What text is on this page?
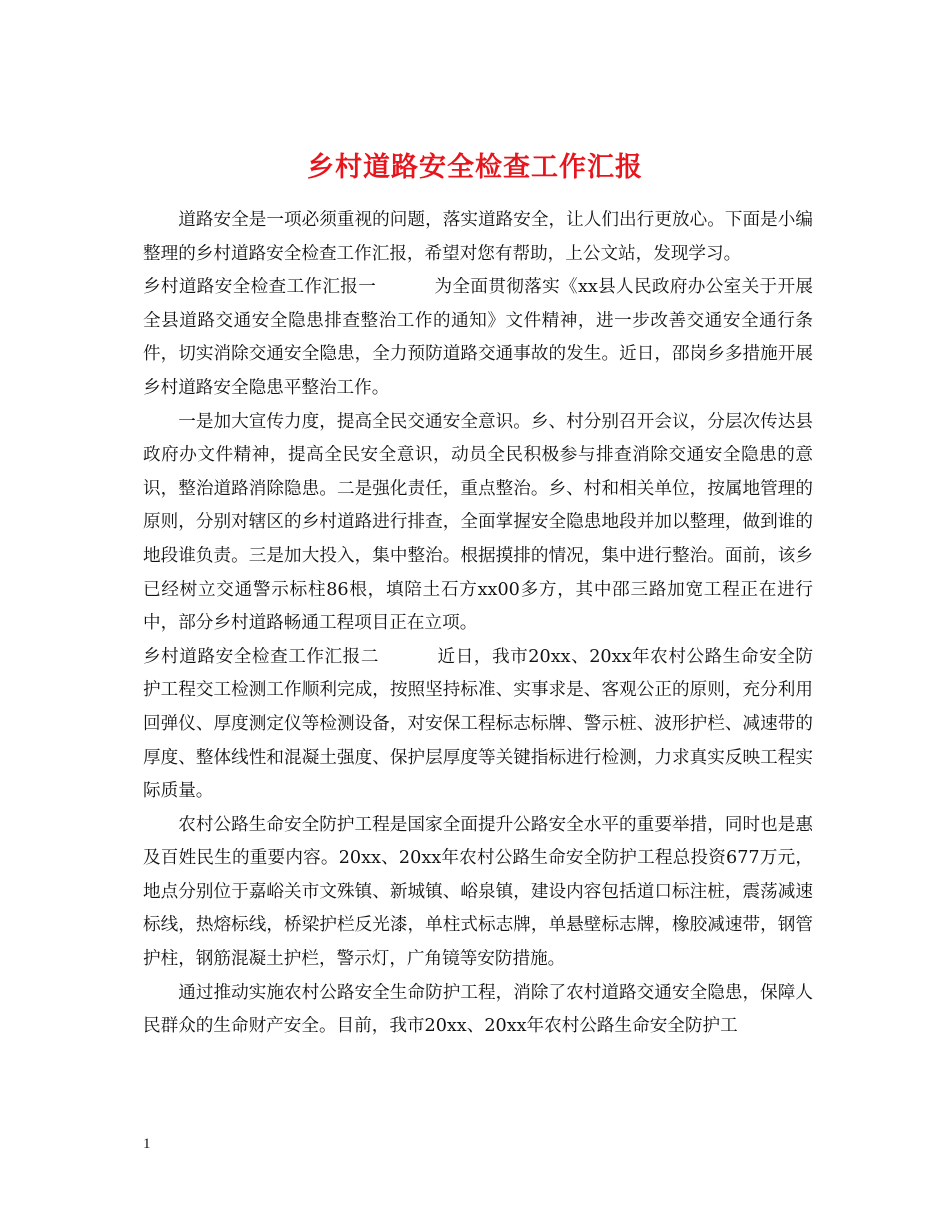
乡村道路安全检查工作汇报

道路安全是一项必须重视的问题，落实道路安全，让人们出行更放心。下面是小编整理的乡村道路安全检查工作汇报，希望对您有帮助，上公文站，发现学习。

乡村道路安全检查工作汇报一	为全面贯彻落实《xx县人民政府办公室关于开展全县道路交通安全隐患排查整治工作的通知》文件精神，进一步改善交通安全通行条件，切实消除交通安全隐患，全力预防道路交通事故的发生。近日，邵岗乡多措施开展乡村道路安全隐患平整治工作。

一是加大宣传力度，提高全民交通安全意识。乡、村分别召开会议，分层次传达县政府办文件精神，提高全民安全意识，动员全民积极参与排查消除交通安全隐患的意识，整治道路消除隐患。二是强化责任，重点整治。乡、村和相关单位，按属地管理的原则，分别对辖区的乡村道路进行排查，全面掌握安全隐患地段并加以整理，做到谁的地段谁负责。三是加大投入，集中整治。根据摸排的情况，集中进行整治。面前，该乡已经树立交通警示标柱86根，填陪土石方xx00多方，其中邵三路加宽工程正在进行中，部分乡村道路畅通工程项目正在立项。

乡村道路安全检查工作汇报二	近日，我市20xx、20xx年农村公路生命安全防护工程交工检测工作顺利完成，按照坚持标准、实事求是、客观公正的原则，充分利用回弹仪、厚度测定仪等检测设备，对安保工程标志标牌、警示桩、波形护栏、减速带的厚度、整体线性和混凝土强度、保护层厚度等关键指标进行检测，力求真实反映工程实际质量。

农村公路生命安全防护工程是国家全面提升公路安全水平的重要举措，同时也是惠及百姓民生的重要内容。20xx、20xx年农村公路生命安全防护工程总投资677万元，地点分别位于嘉峪关市文殊镇、新城镇、峪泉镇，建设内容包括道口标注桩，震荡减速标线，热熔标线，桥梁护栏反光漆，单柱式标志牌，单悬壁标志牌，橡胶减速带，钢管护柱，钢筋混凝土护栏，警示灯，广角镜等安防措施。

通过推动实施农村公路安全生命防护工程，消除了农村道路交通安全隐患，保障人民群众的生命财产安全。目前，我市20xx、20xx年农村公路生命安全防护工

1
